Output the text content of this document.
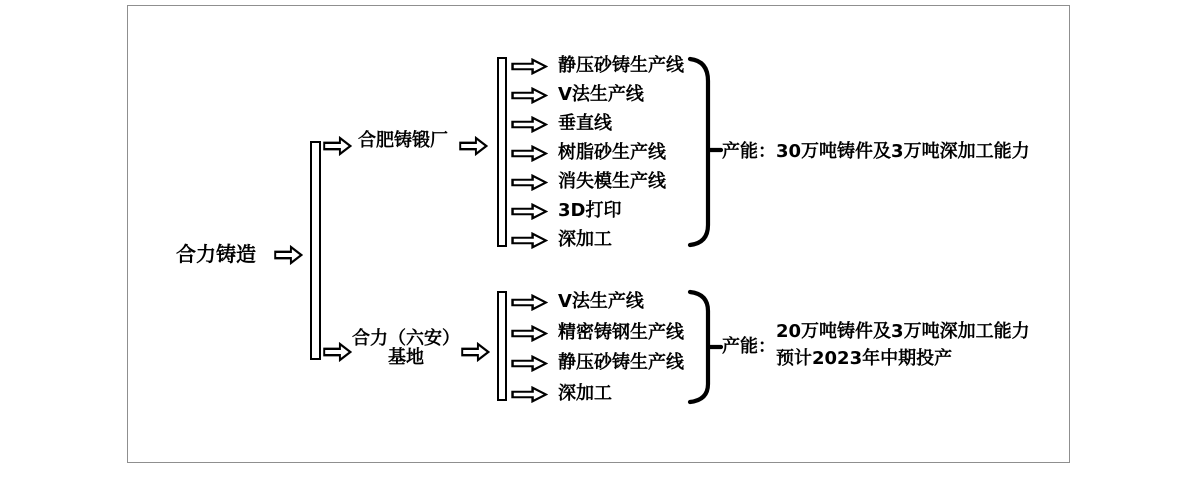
合力铸造
合肥铸锻厂
静压砂铸生产线
V法生产线
垂直线
树脂砂生产线
消失模生产线
3D打印
深加工
产能： 30万吨铸件及3万吨深加工能力
合力（六安）
基地
V法生产线
精密铸钢生产线
静压砂铸生产线
深加工
产能：
20万吨铸件及3万吨深加工能力
预计2023年中期投产
